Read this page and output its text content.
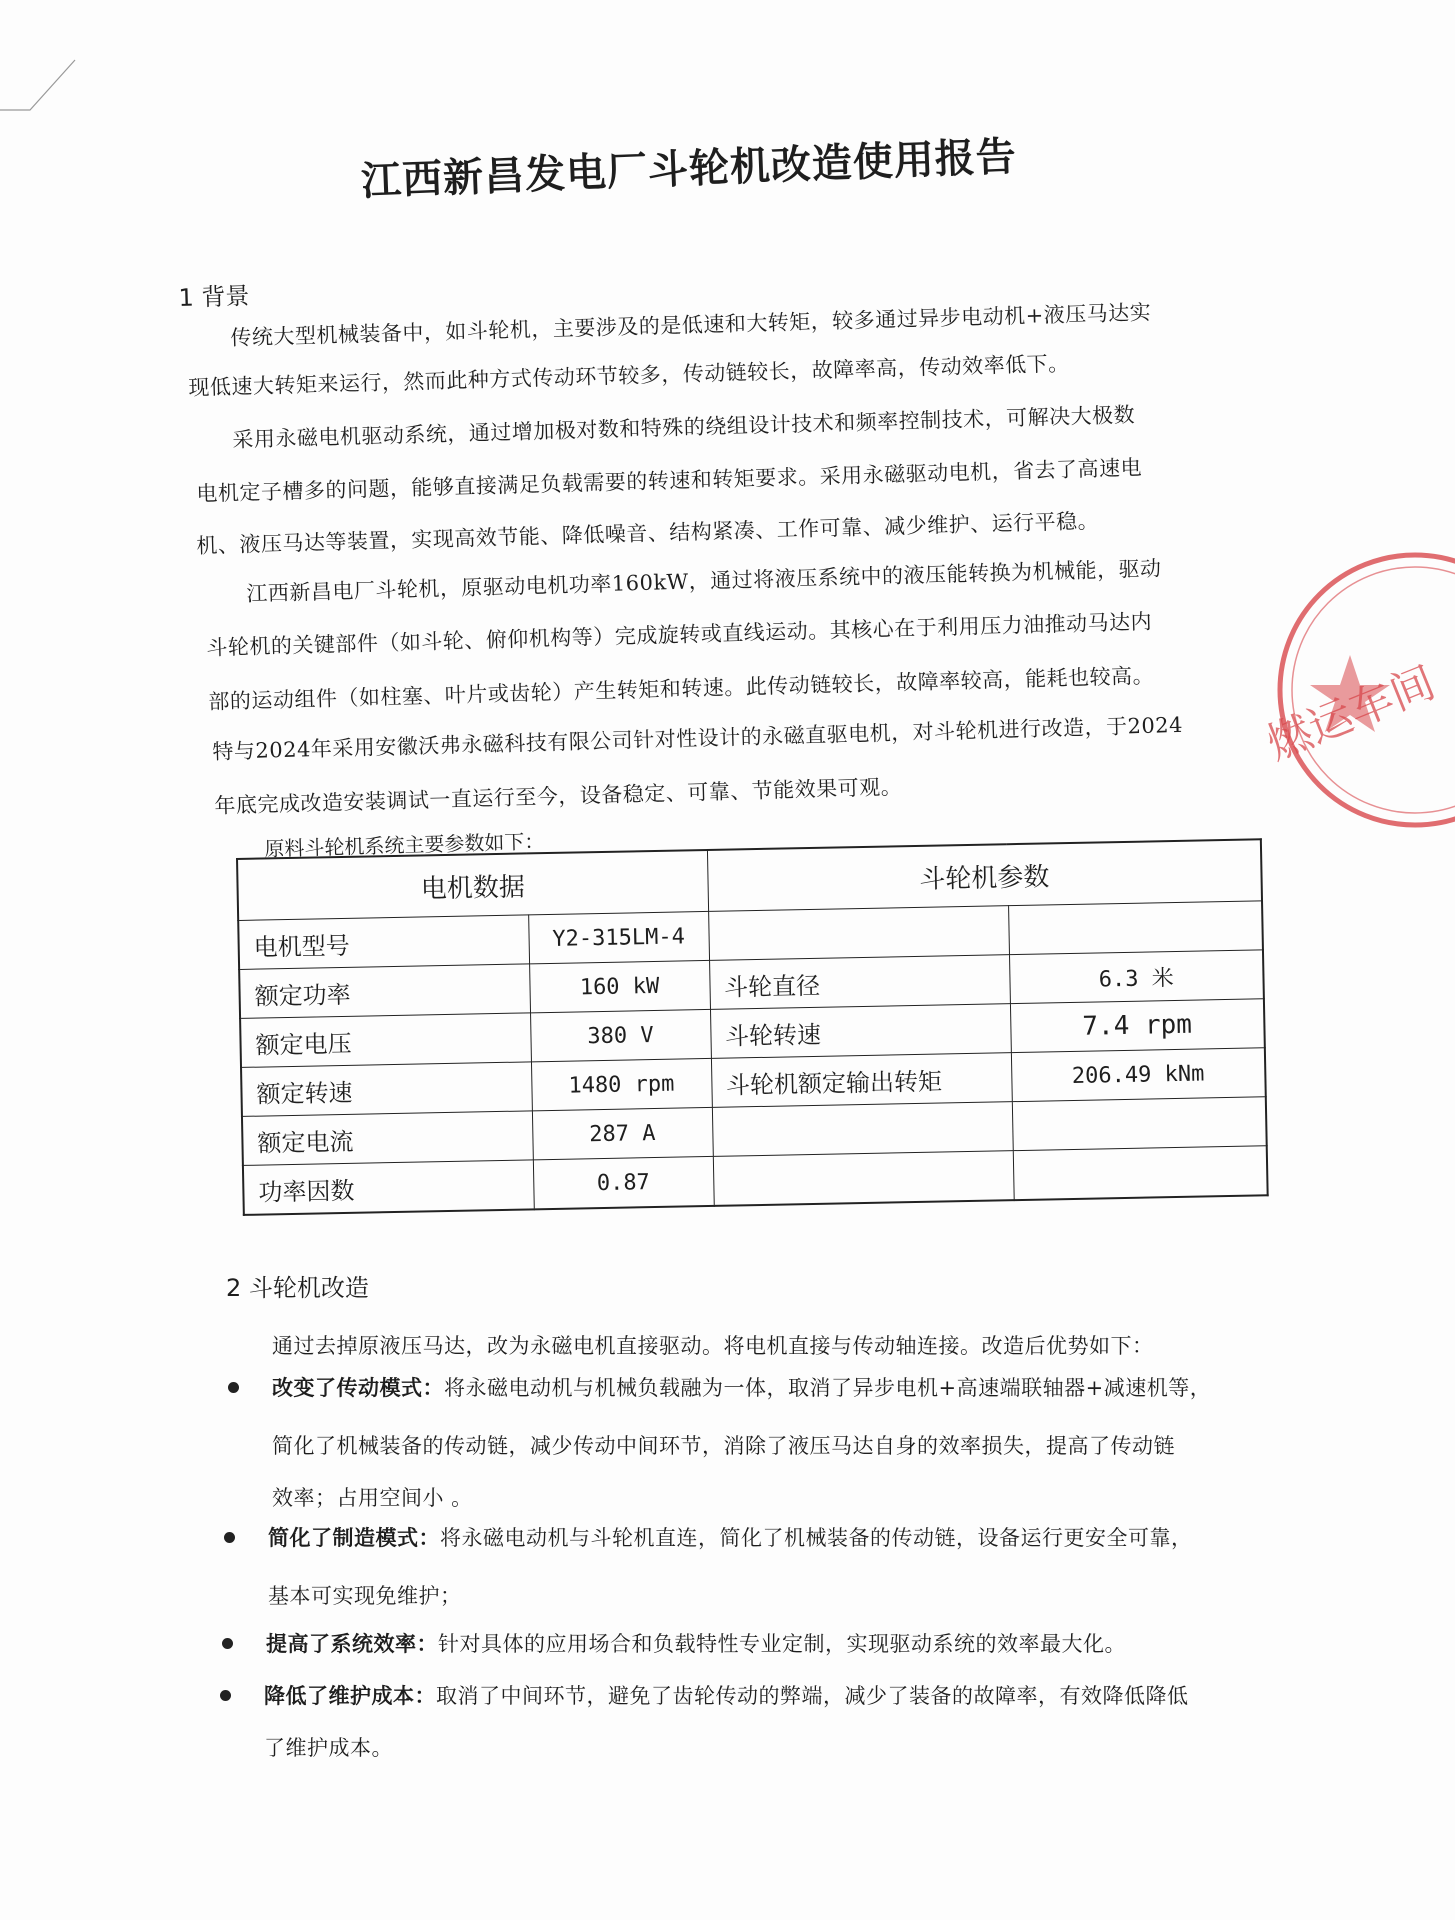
江西新昌发电厂斗轮机改造使用报告
1 背景
传统大型机械装备中，如斗轮机，主要涉及的是低速和大转矩，较多通过异步电动机+液压马达实
现低速大转矩来运行，然而此种方式传动环节较多，传动链较长，故障率高，传动效率低下。
采用永磁电机驱动系统，通过增加极对数和特殊的绕组设计技术和频率控制技术，可解决大极数
电机定子槽多的问题，能够直接满足负载需要的转速和转矩要求。采用永磁驱动电机，省去了高速电
机、液压马达等装置，实现高效节能、降低噪音、结构紧凑、工作可靠、减少维护、运行平稳。
江西新昌电厂斗轮机，原驱动电机功率160kW，通过将液压系统中的液压能转换为机械能，驱动
斗轮机的关键部件（如斗轮、俯仰机构等）完成旋转或直线运动。其核心在于利用压力油推动马达内
部的运动组件（如柱塞、叶片或齿轮）产生转矩和转速。此传动链较长，故障率较高，能耗也较高。
特与2024年采用安徽沃弗永磁科技有限公司针对性设计的永磁直驱电机，对斗轮机进行改造，于2024
年底完成改造安装调试一直运行至今，设备稳定、可靠、节能效果可观。
原料斗轮机系统主要参数如下：
电机数据		斗轮机参数	
电机型号	Y2-315LM-4		
额定功率	160 kW	斗轮直径	6.3 米
额定电压	380 V	斗轮转速	7.4 rpm
额定转速	1480 rpm	斗轮机额定输出转矩	206.49 kNm
额定电流	287 A		
功率因数	0.87		
2 斗轮机改造
通过去掉原液压马达，改为永磁电机直接驱动。将电机直接与传动轴连接。改造后优势如下：
改变了传动模式：将永磁电动机与机械负载融为一体，取消了异步电机+高速端联轴器+减速机等，
简化了机械装备的传动链，减少传动中间环节，消除了液压马达自身的效率损失，提高了传动链
效率；占用空间小 。
简化了制造模式：将永磁电动机与斗轮机直连，简化了机械装备的传动链，设备运行更安全可靠，
基本可实现免维护；
提高了系统效率：针对具体的应用场合和负载特性专业定制，实现驱动系统的效率最大化。
降低了维护成本：取消了中间环节，避免了齿轮传动的弊端，减少了装备的故障率，有效降低降低
了维护成本。
燃运车间
